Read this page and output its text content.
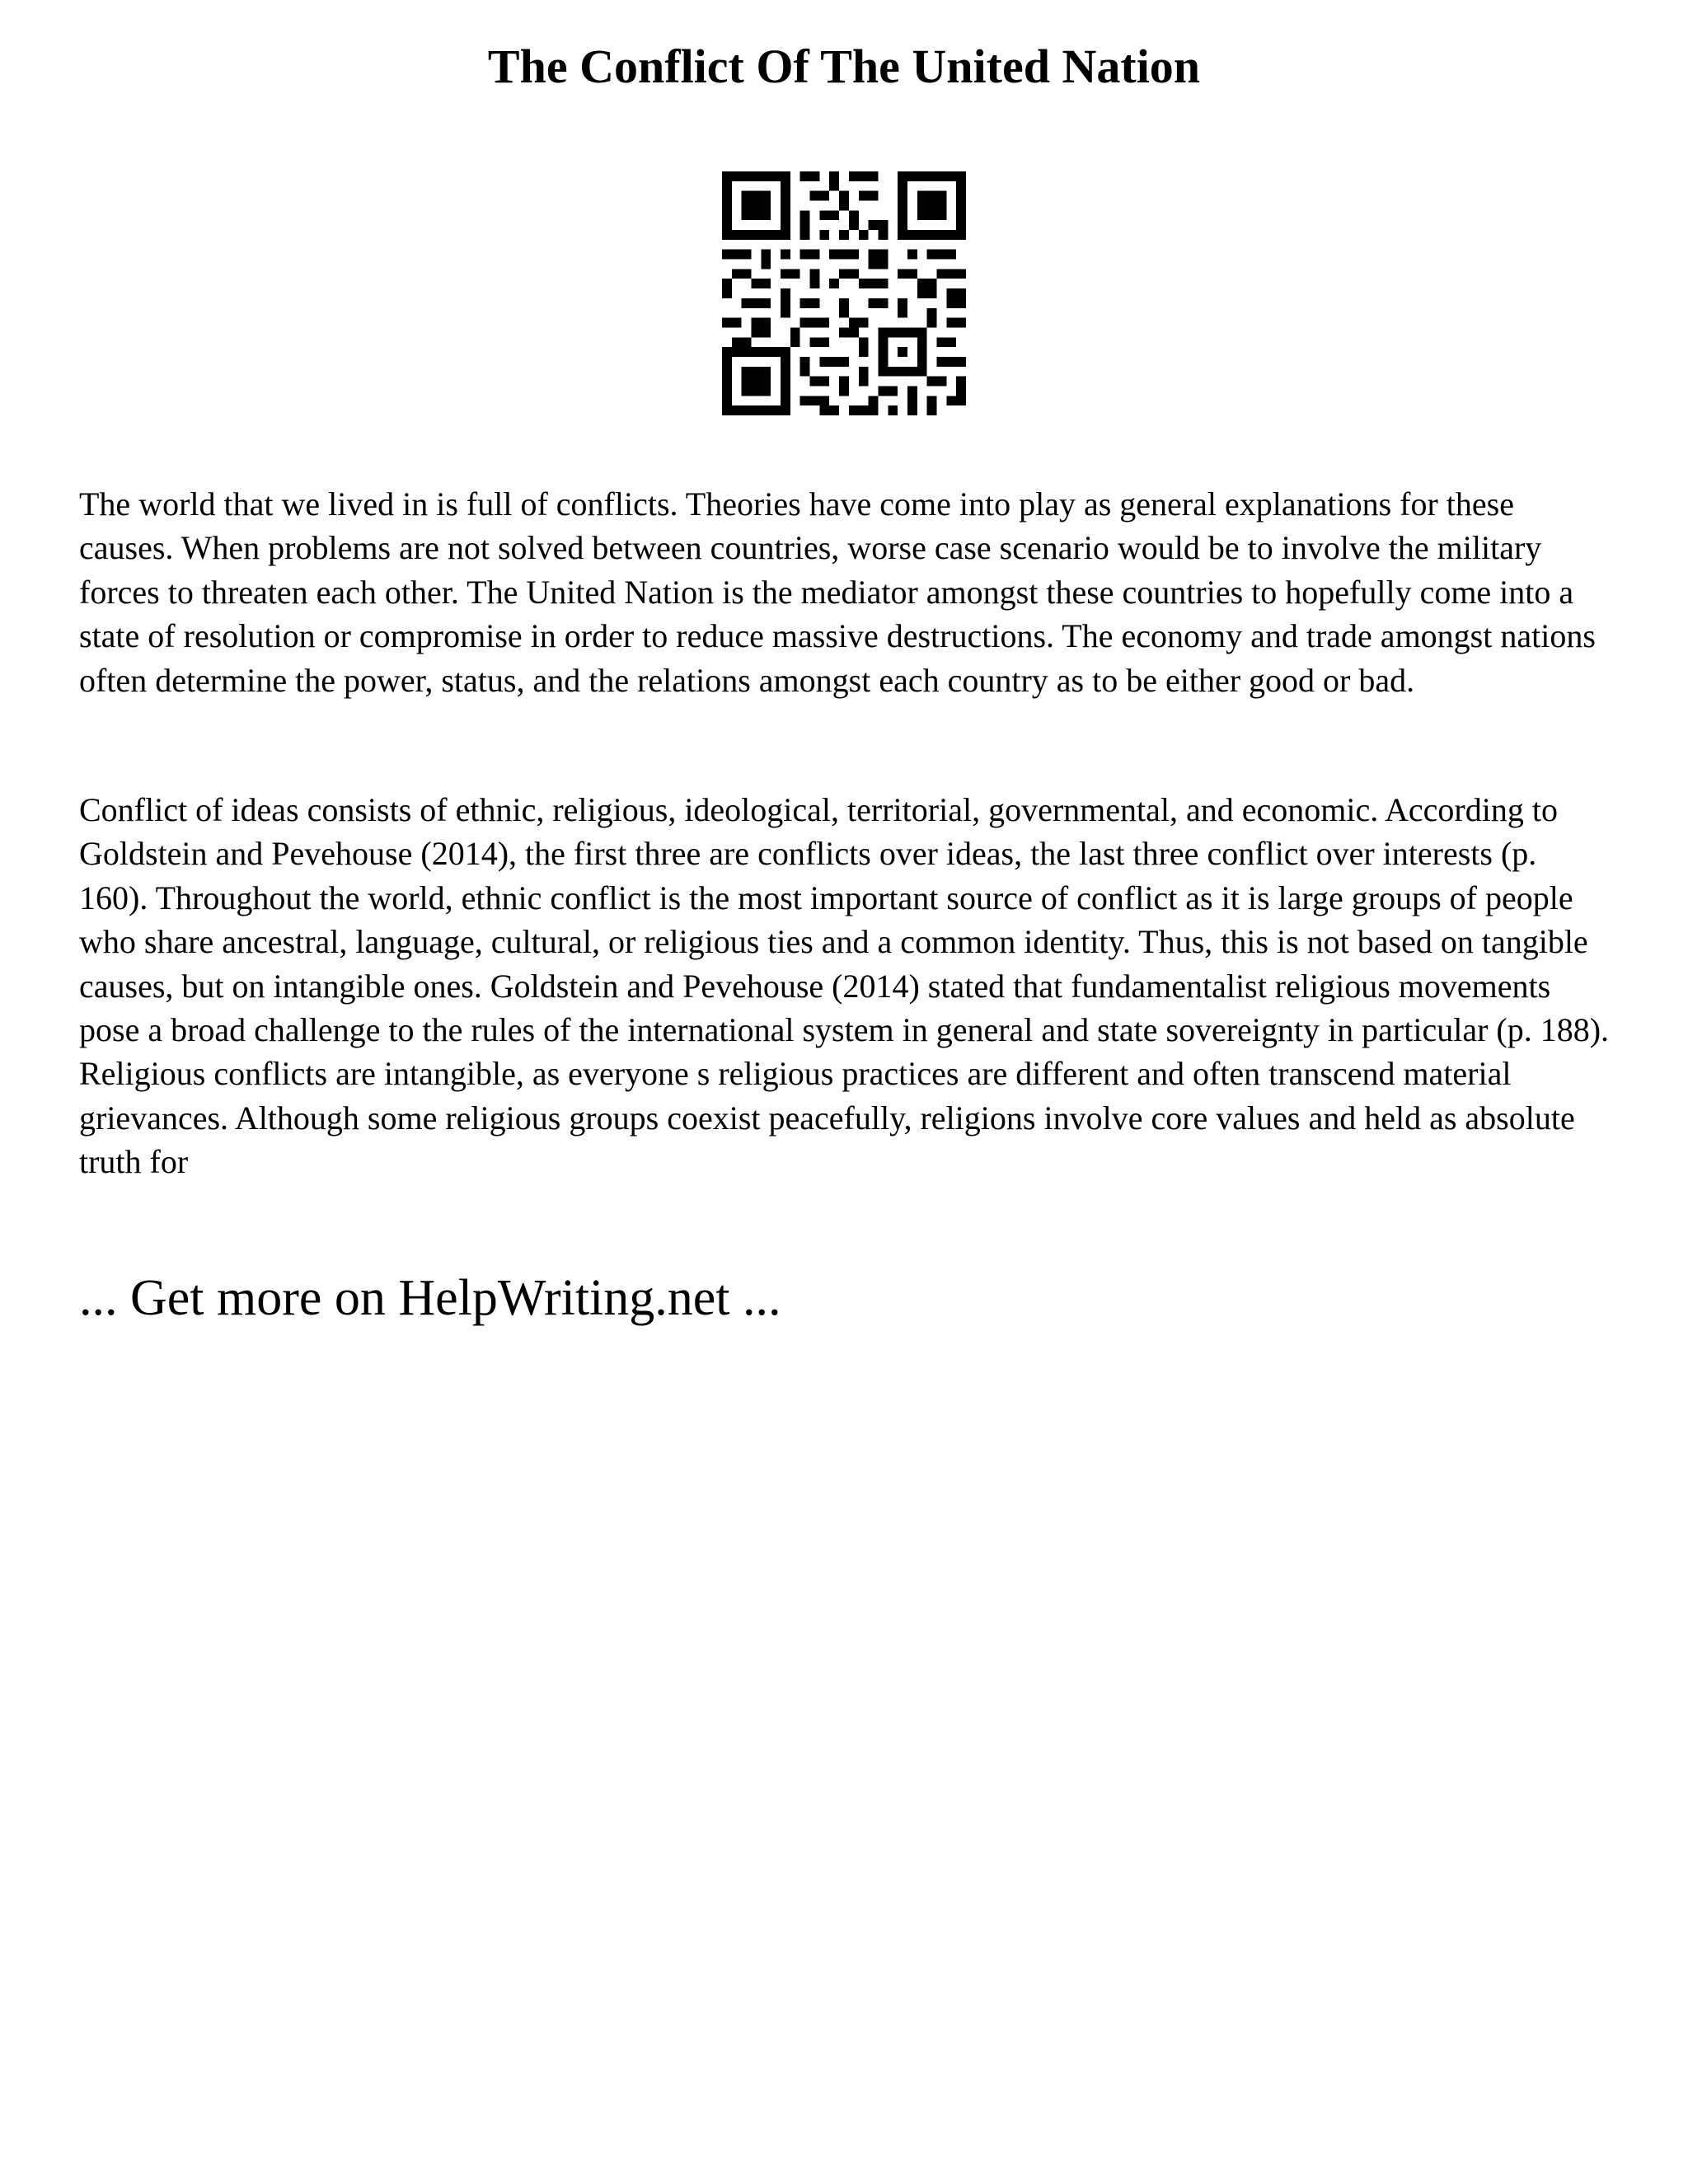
The Conflict Of The United Nation

The world that we lived in is full of conflicts. Theories have come into play as general explanations for these causes. When problems are not solved between countries, worse case scenario would be to involve the military forces to threaten each other. The United Nation is the mediator amongst these countries to hopefully come into a state of resolution or compromise in order to reduce massive destructions. The economy and trade amongst nations often determine the power, status, and the relations amongst each country as to be either good or bad.

Conflict of ideas consists of ethnic, religious, ideological, territorial, governmental, and economic. According to Goldstein and Pevehouse (2014), the first three are conflicts over ideas, the last three conflict over interests (p. 160). Throughout the world, ethnic conflict is the most important source of conflict as it is large groups of people who share ancestral, language, cultural, or religious ties and a common identity. Thus, this is not based on tangible causes, but on intangible ones. Goldstein and Pevehouse (2014) stated that fundamentalist religious movements pose a broad challenge to the rules of the international system in general and state sovereignty in particular (p. 188). Religious conflicts are intangible, as everyone s religious practices are different and often transcend material grievances. Although some religious groups coexist peacefully, religions involve core values and held as absolute truth for

... Get more on HelpWriting.net ...
